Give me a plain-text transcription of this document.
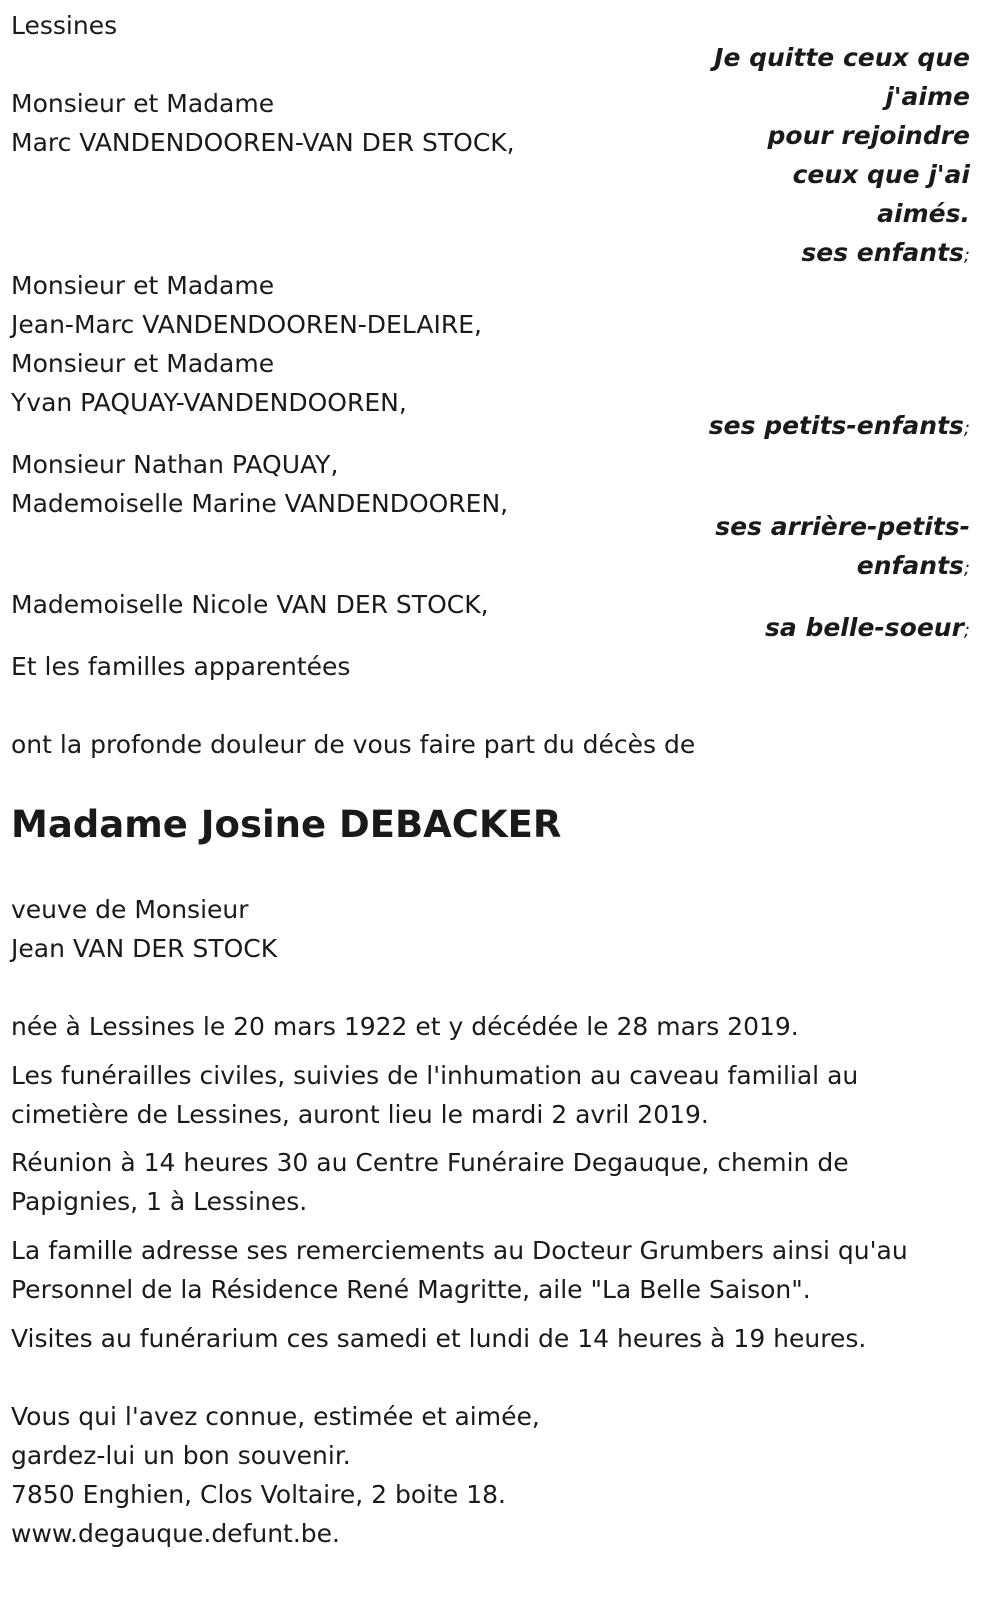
Lessines

Je quitte ceux que
j'aime
pour rejoindre
ceux que j'ai
aimés.
ses enfants;
Monsieur et Madame
Marc VANDENDOOREN-VAN DER STOCK,
Monsieur et Madame
Jean-Marc VANDENDOOREN-DELAIRE,
Monsieur et Madame
Yvan PAQUAY-VANDENDOOREN,
ses petits-enfants;
Monsieur Nathan PAQUAY,
Mademoiselle Marine VANDENDOOREN,
ses arrière-petits-
enfants;
Mademoiselle Nicole VAN DER STOCK,
sa belle-soeur;

Et les familles apparentées

ont la profonde douleur de vous faire part du décès de

Madame Josine DEBACKER
veuve de Monsieur
Jean VAN DER STOCK

née à Lessines le 20 mars 1922 et y décédée le 28 mars 2019.

Les funérailles civiles, suivies de l'inhumation au caveau familial au
cimetière de Lessines, auront lieu le mardi 2 avril 2019.
Réunion à 14 heures 30 au Centre Funéraire Degauque, chemin de
Papignies, 1 à Lessines.
La famille adresse ses remerciements au Docteur Grumbers ainsi qu'au
Personnel de la Résidence René Magritte, aile "La Belle Saison".

Visites au funérarium ces samedi et lundi de 14 heures à 19 heures.

Vous qui l'avez connue, estimée et aimée,
gardez-lui un bon souvenir.
7850 Enghien, Clos Voltaire, 2 boite 18.
www.degauque.defunt.be.
